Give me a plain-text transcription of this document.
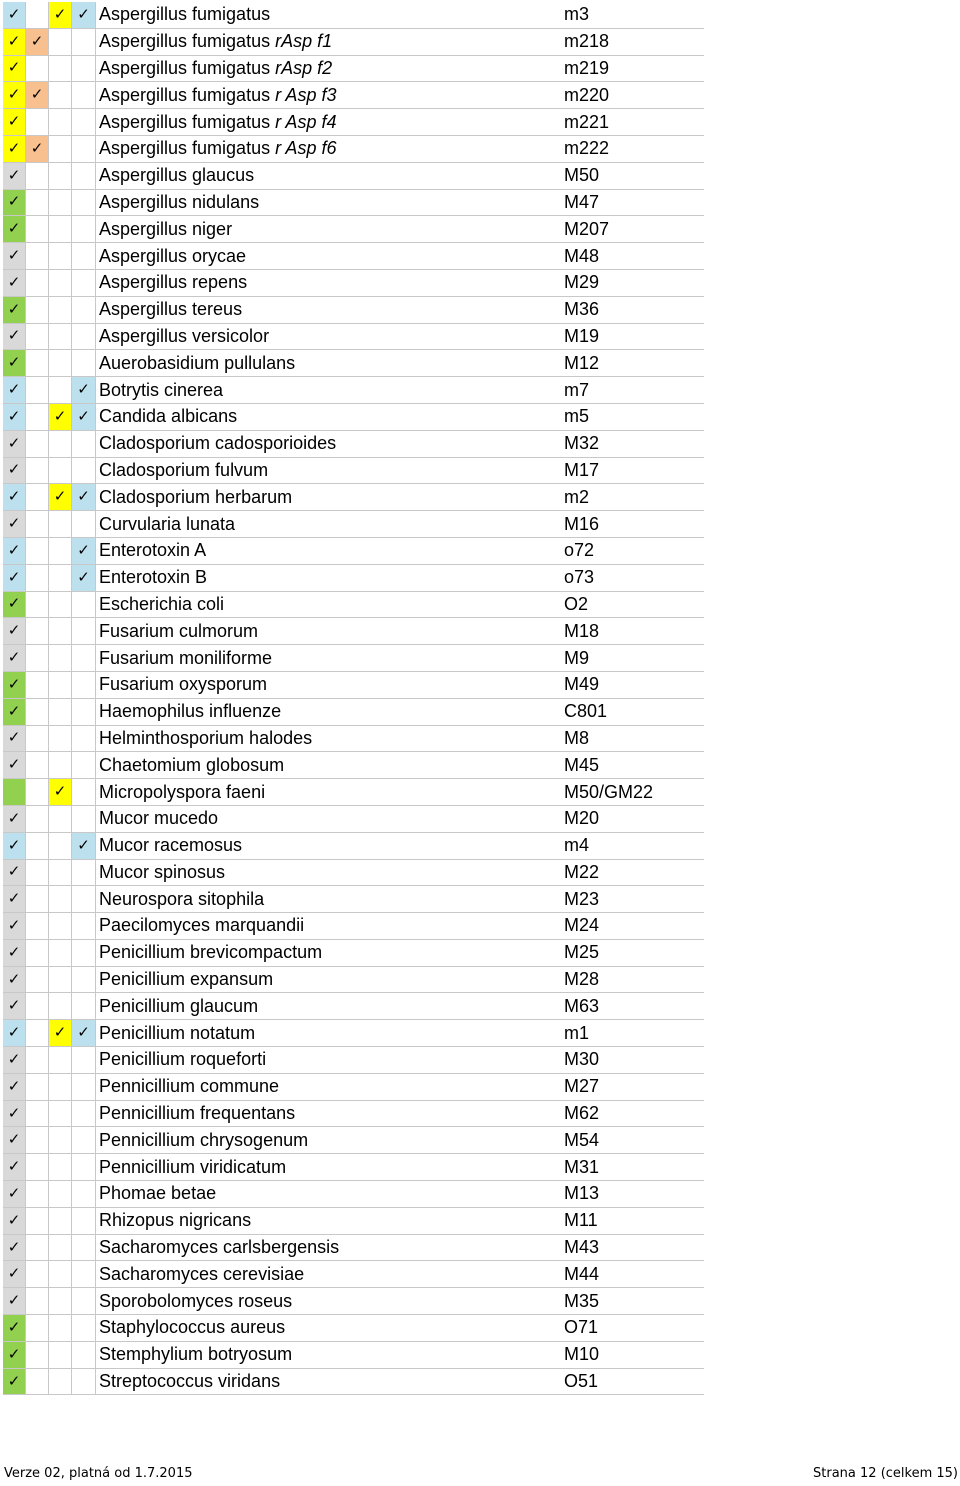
✓		✓	✓	Aspergillus fumigatus	m3
✓	✓			Aspergillus fumigatus rAsp f1	m218
✓				Aspergillus fumigatus rAsp f2	m219
✓	✓			Aspergillus fumigatus r Asp f3	m220
✓				Aspergillus fumigatus r Asp f4	m221
✓	✓			Aspergillus fumigatus r Asp f6	m222
✓				Aspergillus glaucus	M50
✓				Aspergillus nidulans	M47
✓				Aspergillus niger	M207
✓				Aspergillus orycae	M48
✓				Aspergillus repens	M29
✓				Aspergillus tereus	M36
✓				Aspergillus versicolor	M19
✓				Auerobasidium pullulans	M12
✓			✓	Botrytis cinerea	m7
✓		✓	✓	Candida albicans	m5
✓				Cladosporium cadosporioides	M32
✓				Cladosporium fulvum	M17
✓		✓	✓	Cladosporium herbarum	m2
✓				Curvularia lunata	M16
✓			✓	Enterotoxin A	o72
✓			✓	Enterotoxin B	o73
✓				Escherichia coli	O2
✓				Fusarium culmorum	M18
✓				Fusarium moniliforme	M9
✓				Fusarium oxysporum	M49
✓				Haemophilus influenze	C801
✓				Helminthosporium halodes	M8
✓				Chaetomium globosum	M45
		✓		Micropolyspora faeni	M50/GM22
✓				Mucor mucedo	M20
✓			✓	Mucor racemosus	m4
✓				Mucor spinosus	M22
✓				Neurospora sitophila	M23
✓				Paecilomyces marquandii	M24
✓				Penicillium brevicompactum	M25
✓				Penicillium expansum	M28
✓				Penicillium glaucum	M63
✓		✓	✓	Penicillium notatum	m1
✓				Penicillium roqueforti	M30
✓				Pennicillium commune	M27
✓				Pennicillium frequentans	M62
✓				Pennicillium chrysogenum	M54
✓				Pennicillium viridicatum	M31
✓				Phomae betae	M13
✓				Rhizopus nigricans	M11
✓				Sacharomyces carlsbergensis	M43
✓				Sacharomyces cerevisiae	M44
✓				Sporobolomyces roseus	M35
✓				Staphylococcus aureus	O71
✓				Stemphylium botryosum	M10
✓				Streptococcus viridans	O51
Verze 02, platná od 1.7.2015	Strana 12 (celkem 15)
